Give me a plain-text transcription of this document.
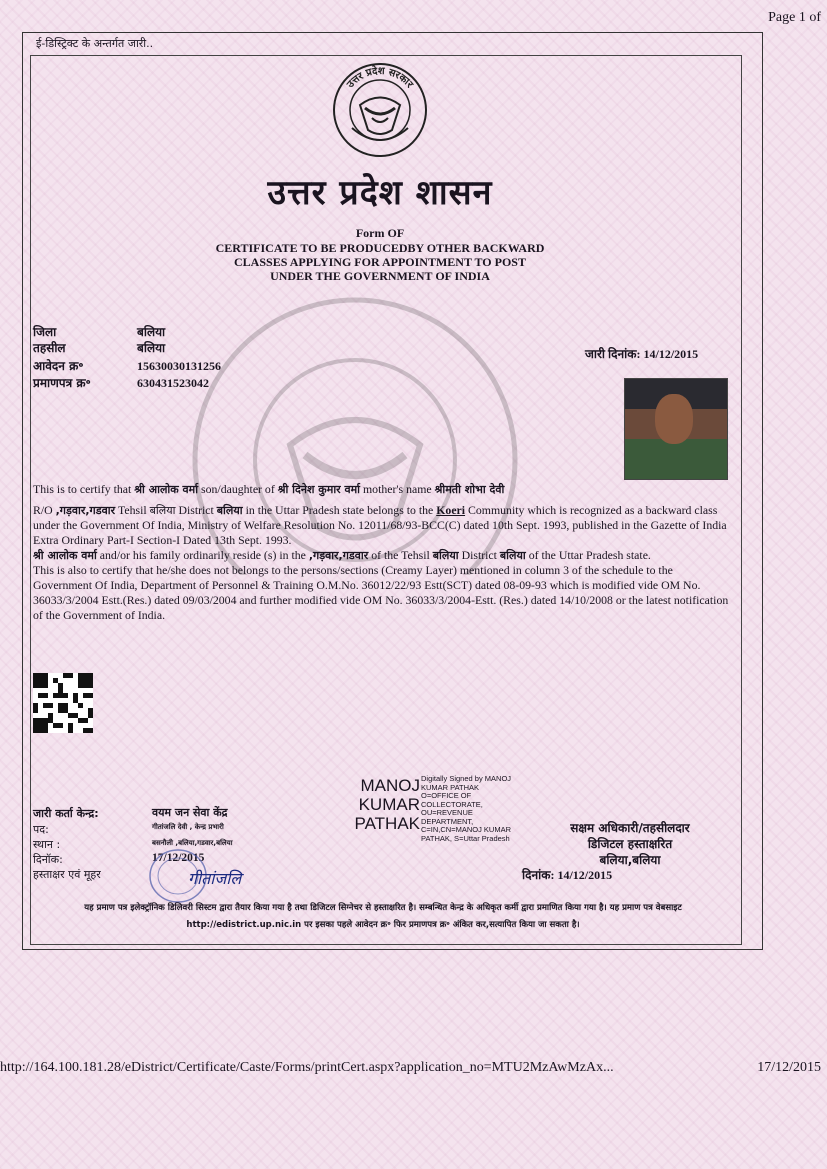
Page 1 of
ई-डिस्ट्रिक्ट के अन्तर्गत जारी..
उत्तर प्रदेश सरकार
उत्तर प्रदेश शासन
Form OF
CERTIFICATE TO BE PRODUCEDBY OTHER BACKWARD
CLASSES APPLYING FOR APPOINTMENT TO POST
UNDER THE GOVERNMENT OF INDIA
जिला	बलिया
तहसील	बलिया
आवेदन क्र॰	15630030131256
प्रमाणपत्र क्र॰	630431523042
जारी दिनांक: 14/12/2015
This is to certify that श्री आलोक वर्मा son/daughter of श्री दिनेश कुमार वर्मा mother's name श्रीमती शोभा देवी
R/O ,गड़वार,गडवार Tehsil बलिया District बलिया in the Uttar Pradesh state belongs to the Koeri Community which is recognized as a backward class under the Government Of India, Ministry of Welfare Resolution No. 12011/68/93-BCC(C) dated 10th Sept. 1993, published in the Gazette of India Extra Ordinary Part-I Section-I Dated 13th Sept. 1993.
श्री आलोक वर्मा and/or his family ordinarily reside (s) in the ,गड़वार,गडवार of the Tehsil बलिया District बलिया of the Uttar Pradesh state.
This is also to certify that he/she does not belongs to the persons/sections (Creamy Layer) mentioned in column 3 of the schedule to the Government Of India, Department of Personnel & Training O.M.No. 36012/22/93 Estt(SCT) dated 08-09-93 which is modified vide OM No. 36033/3/2004 Estt.(Res.) dated 09/03/2004 and further modified vide OM No. 36033/3/2004-Estt. (Res.) dated 14/10/2008 or the latest notification of the Government of India.
MANOJ
KUMAR
PATHAK
Digitally Signed by MANOJ
KUMAR PATHAK
O=OFFICE OF
COLLECTORATE,
OU=REVENUE
DEPARTMENT,
C=IN,CN=MANOJ KUMAR
PATHAK, S=Uttar Pradesh
जारी कर्ता केन्द्र:	वयम जन सेवा केंद्र
पद:	गीतांजलि देवी , केन्द्र प्रभारी
स्थान :	बसनौली ,बलिया,गडवार,बलिया
दिनॉक:	17/12/2015
हस्ताक्षर एवं मूहर	गीतांजलि
सक्षम अधिकारी/तहसीलदार
डिजिटल हस्ताक्षरित
बलिया,बलिया
दिनांक: 14/12/2015
यह प्रमाण पत्र इलेक्ट्रॉनिक डिलिवरी सिस्टम द्वारा तैयार किया गया है तथा डिजिटल सिग्नेचर से हस्ताक्षरित है। सम्बन्धित केन्द्र के अधिकृत कर्मी द्वारा प्रमाणित किया गया है। यह प्रमाण पत्र वेबसाइट http://edistrict.up.nic.in पर इसका पहले आवेदन क्र॰ फिर प्रमाणपत्र क्र॰ अंकित कर,सत्यापित किया जा सकता है।
http://164.100.181.28/eDistrict/Certificate/Caste/Forms/printCert.aspx?application_no=MTU2MzAwMzAx...	17/12/2015
